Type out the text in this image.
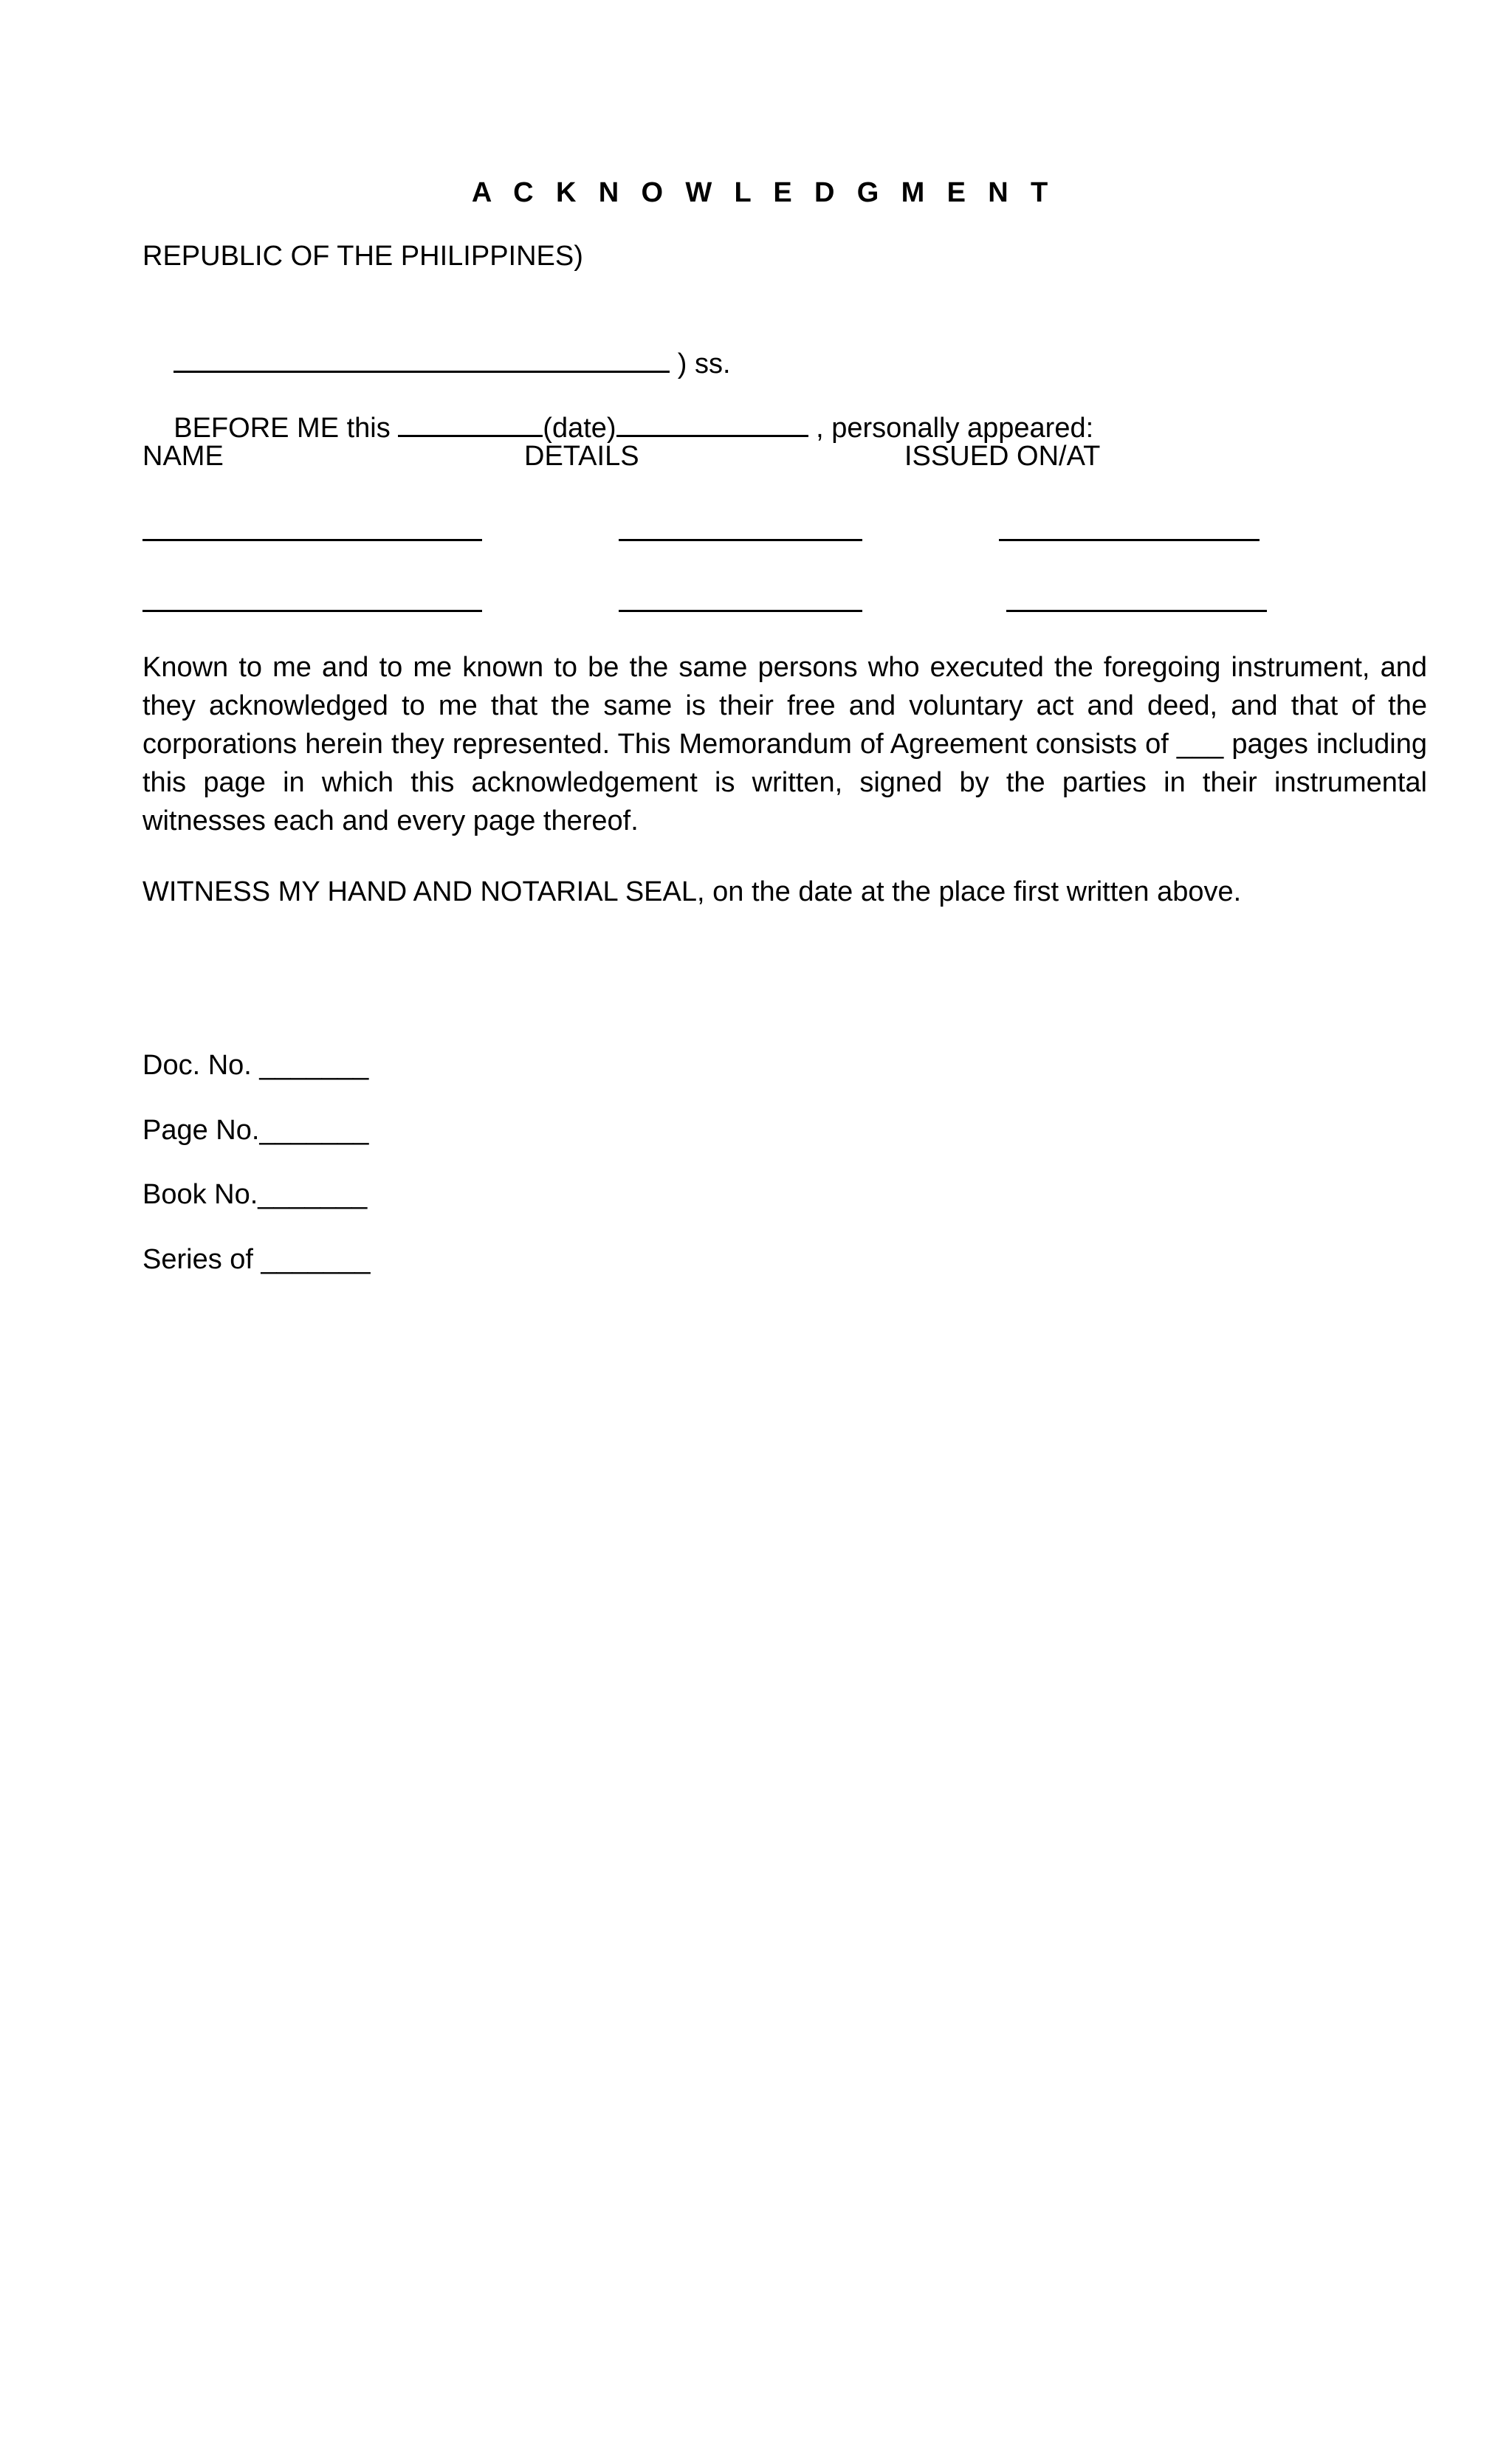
A C K N O W L E D G M E N T
REPUBLIC OF THE PHILIPPINES)

) ss.

BEFORE ME this	(date)	, personally appeared:

NAME	DETAILS	ISSUED ON/AT
Known to me and to me known to be the same persons who executed the foregoing instrument, and they acknowledged to me that the same is their free and voluntary act and deed, and that of the corporations herein they represented. This Memorandum of Agreement consists of ___ pages including this page in which this acknowledgement is written, signed by the parties in their instrumental witnesses each and every page thereof.
WITNESS MY HAND AND NOTARIAL SEAL, on the date at the place first written above.
Doc. No. _______
Page No._______
Book No._______
Series of _______
